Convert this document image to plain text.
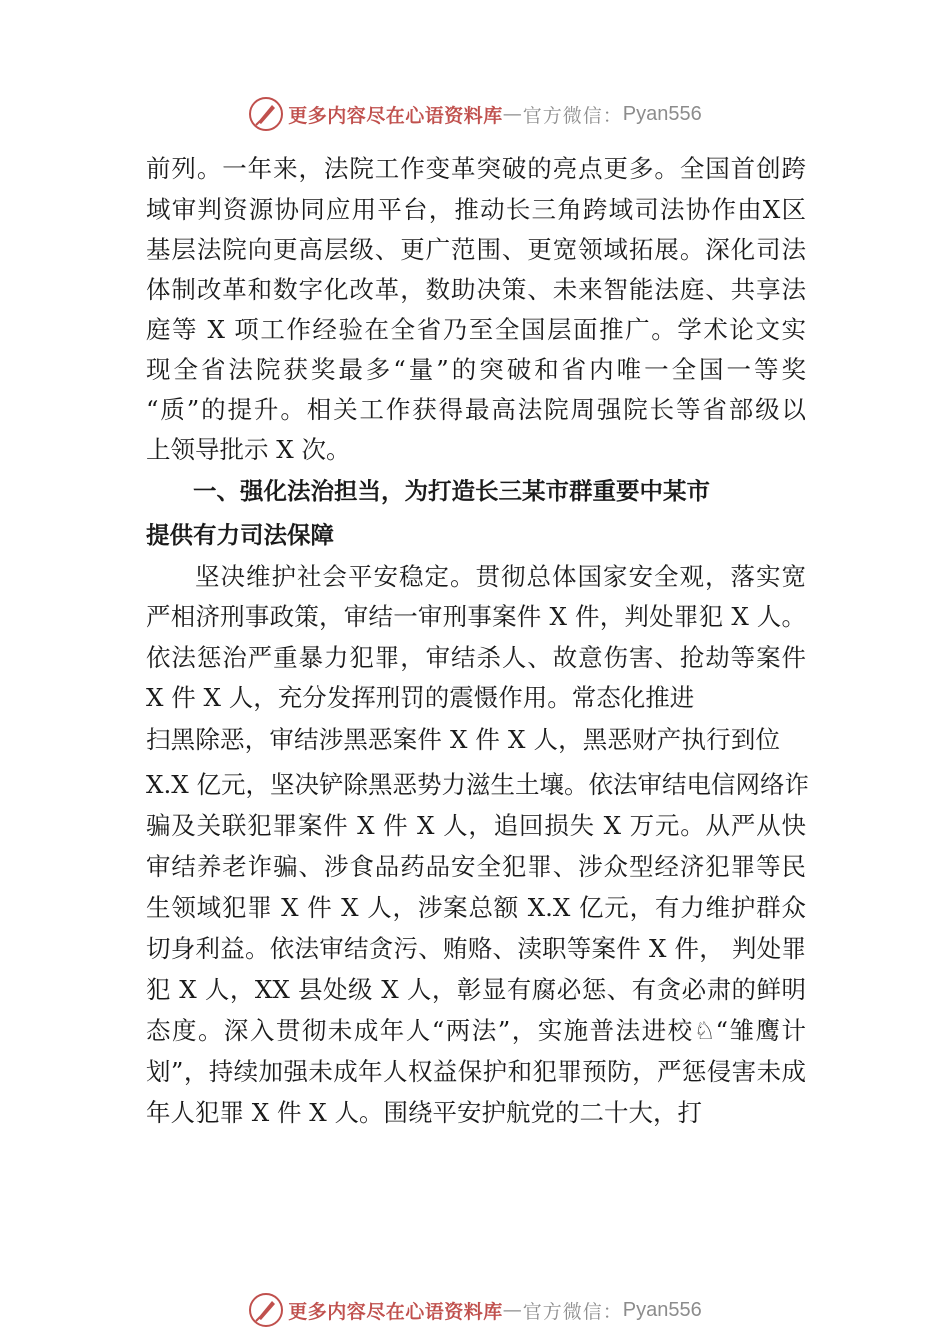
更多内容尽在心语资料库 — 官方微信： Pyan556
前列。一年来，法院工作变革突破的亮点更多。全国首创跨
域审判资源协同应用平台，推动长三角跨域司法协作由X区
基层法院向更高层级、更广范围、更宽领域拓展。深化司法
体制改革和数字化改革，数助决策、未来智能法庭、共享法
庭等 X 项工作经验在全省乃至全国层面推广。学术论文实
现全省法院获奖最多“量”的突破和省内唯一全国一等奖
“质”的提升。相关工作获得最高法院周强院长等省部级以
上领导批示 X 次。
一、强化法治担当，为打造长三某市群重要中某市
提供有力司法保障
坚决维护社会平安稳定。贯彻总体国家安全观，落实宽
严相济刑事政策，审结一审刑事案件 X 件，判处罪犯 X 人。
依法惩治严重暴力犯罪，审结杀人、故意伤害、抢劫等案件
X 件 X 人，充分发挥刑罚的震慑作用。常态化推进
扫黑除恶，审结涉黑恶案件 X 件 X 人，黑恶财产执行到位
X.X 亿元，坚决铲除黑恶势力滋生土壤。依法审结电信网络诈
骗及关联犯罪案件 X 件 X 人，追回损失 X 万元。从严从快
审结养老诈骗、涉食品药品安全犯罪、涉众型经济犯罪等民
生领域犯罪 X 件 X 人，涉案总额 X.X 亿元，有力维护群众
切身利益。依法审结贪污、贿赂、渎职等案件 X 件， 判处罪
犯 X 人，XX 县处级 X 人，彰显有腐必惩、有贪必肃的鲜明
态度。深入贯彻未成年人“两法”，实施普法进校♘“雏鹰计
划”，持续加强未成年人权益保护和犯罪预防，严惩侵害未成
年人犯罪 X 件 X 人。围绕平安护航党的二十大，打
更多内容尽在心语资料库 — 官方微信： Pyan556
